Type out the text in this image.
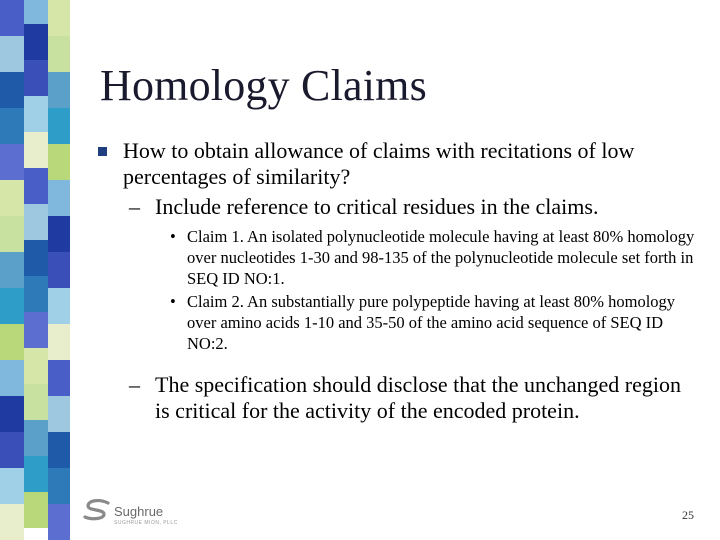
Homology Claims
How to obtain allowance of claims with recitations of low percentages of similarity?
– Include reference to critical residues in the claims.
• Claim 1. An isolated polynucleotide molecule having at least 80% homology over nucleotides 1-30 and 98-135 of the polynucleotide molecule set forth in SEQ ID NO:1.
• Claim 2. An substantially pure polypeptide having at least 80% homology over amino acids 1-10 and 35-50 of the amino acid sequence of SEQ ID NO:2.
– The specification should disclose that the unchanged region is critical for the activity of the encoded protein.
Sughrue
SUGHRUE MION, PLLC
25
